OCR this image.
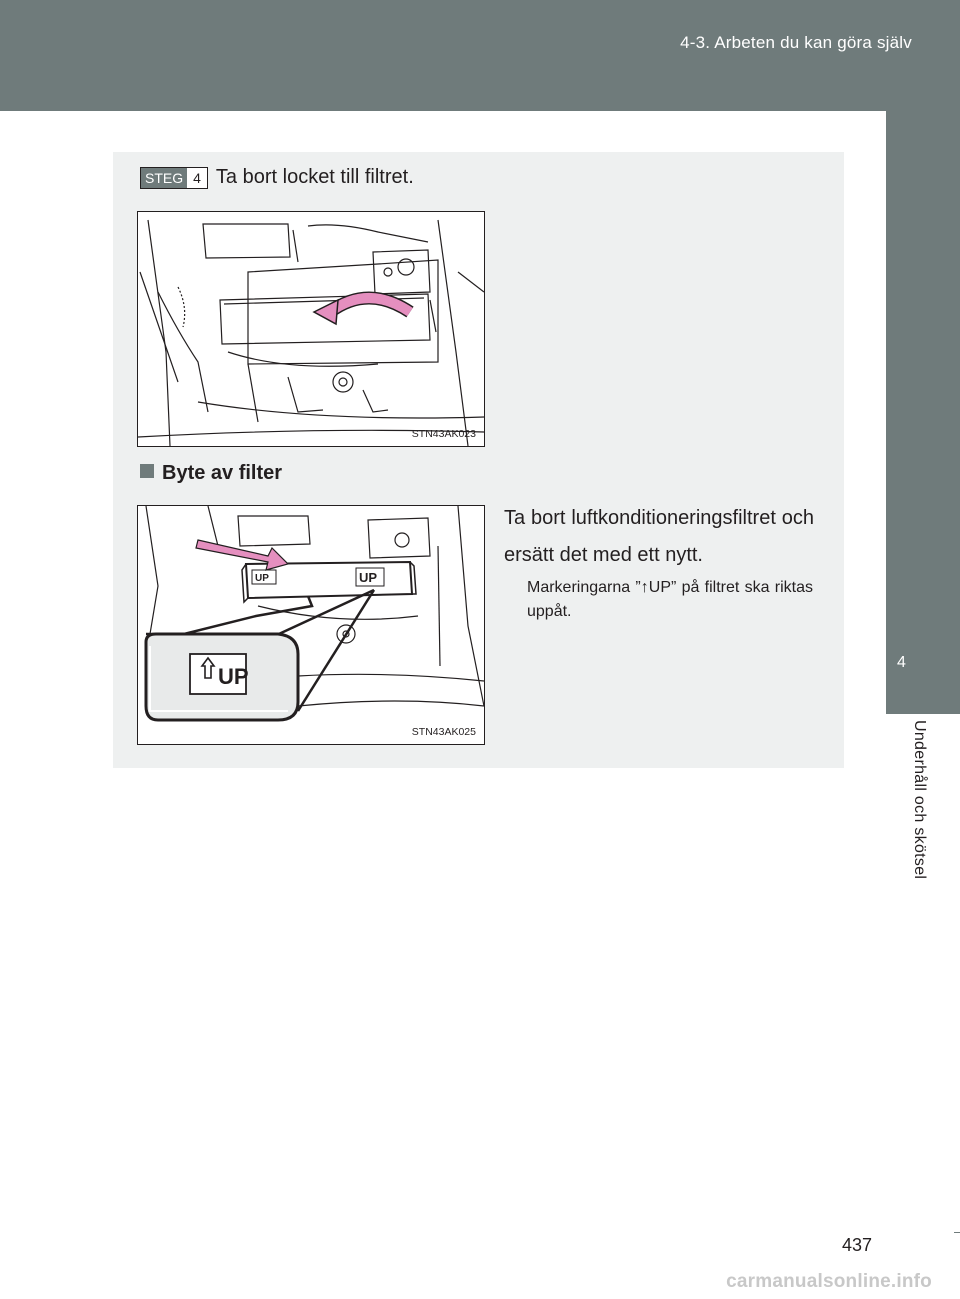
4-3. Arbeten du kan göra själv
4
Underhåll och skötsel
STEG 4 Ta bort locket till filtret.
STN43AK023
Byte av filter
UP	UP
UP
STN43AK025
Ta bort luftkonditioneringsfiltret och ersätt det med ett nytt.
Markeringarna ”↑UP” på filtret ska riktas uppåt.
437
carmanualsonline.info
